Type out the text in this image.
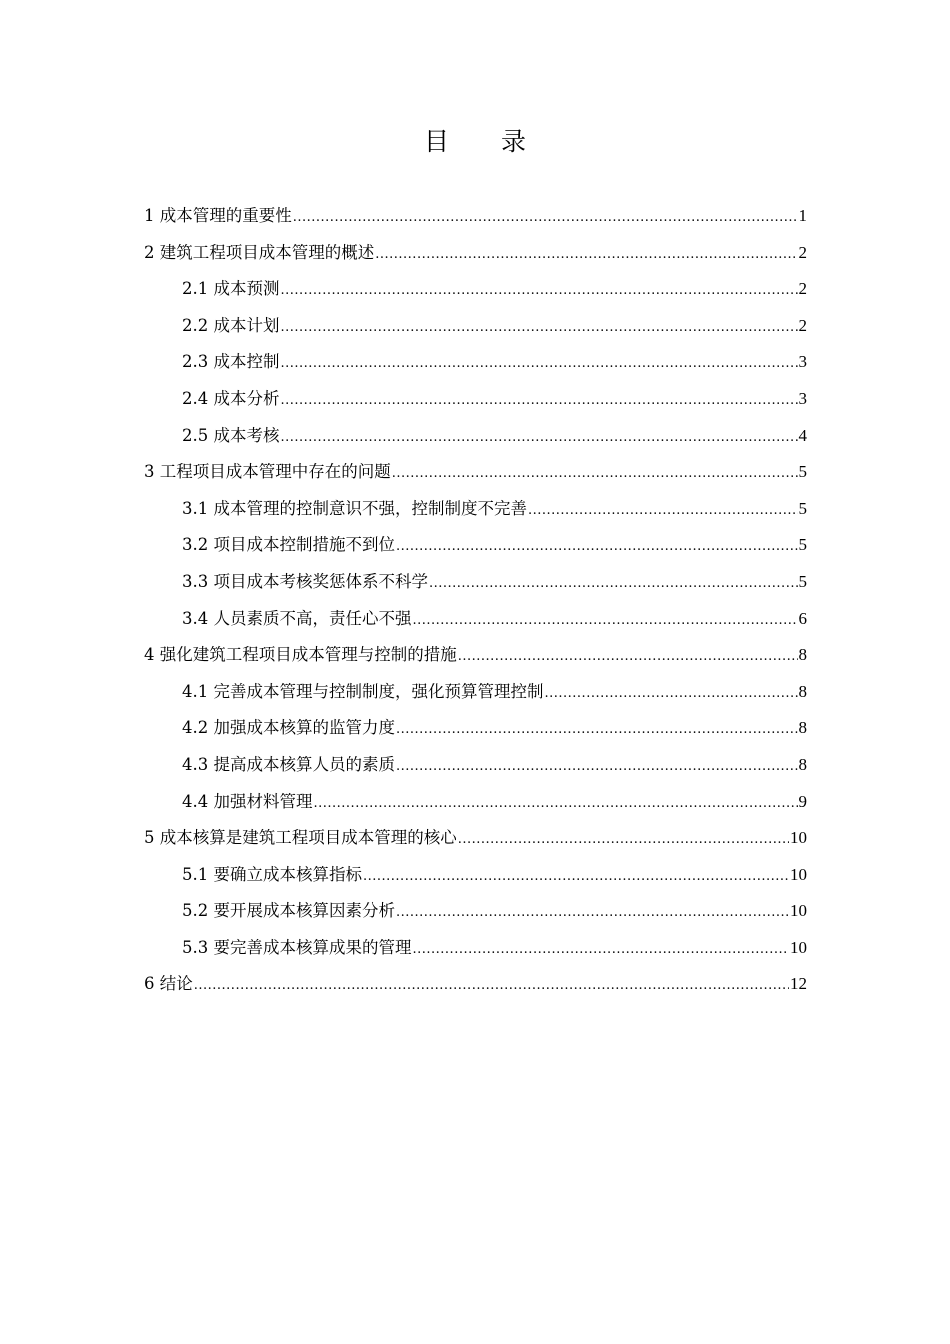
目 录
1 成本管理的重要性 .....	1
2 建筑工程项目成本管理的概述 .....	2
2.1 成本预测 .....	2
2.2 成本计划 .....	2
2.3 成本控制 .....	3
2.4 成本分析 .....	3
2.5 成本考核 .....	4
3 工程项目成本管理中存在的问题 .....	5
3.1 成本管理的控制意识不强，控制制度不完善 .....	5
3.2 项目成本控制措施不到位 .....	5
3.3 项目成本考核奖惩体系不科学 .....	5
3.4 人员素质不高，责任心不强 .....	6
4 强化建筑工程项目成本管理与控制的措施 .....	8
4.1 完善成本管理与控制制度，强化预算管理控制 .....	8
4.2 加强成本核算的监管力度 .....	8
4.3 提高成本核算人员的素质 .....	8
4.4 加强材料管理 .....	9
5 成本核算是建筑工程项目成本管理的核心 .....	10
5.1 要确立成本核算指标 .....	10
5.2 要开展成本核算因素分析 .....	10
5.3 要完善成本核算成果的管理 .....	10
6 结论 .....	12
